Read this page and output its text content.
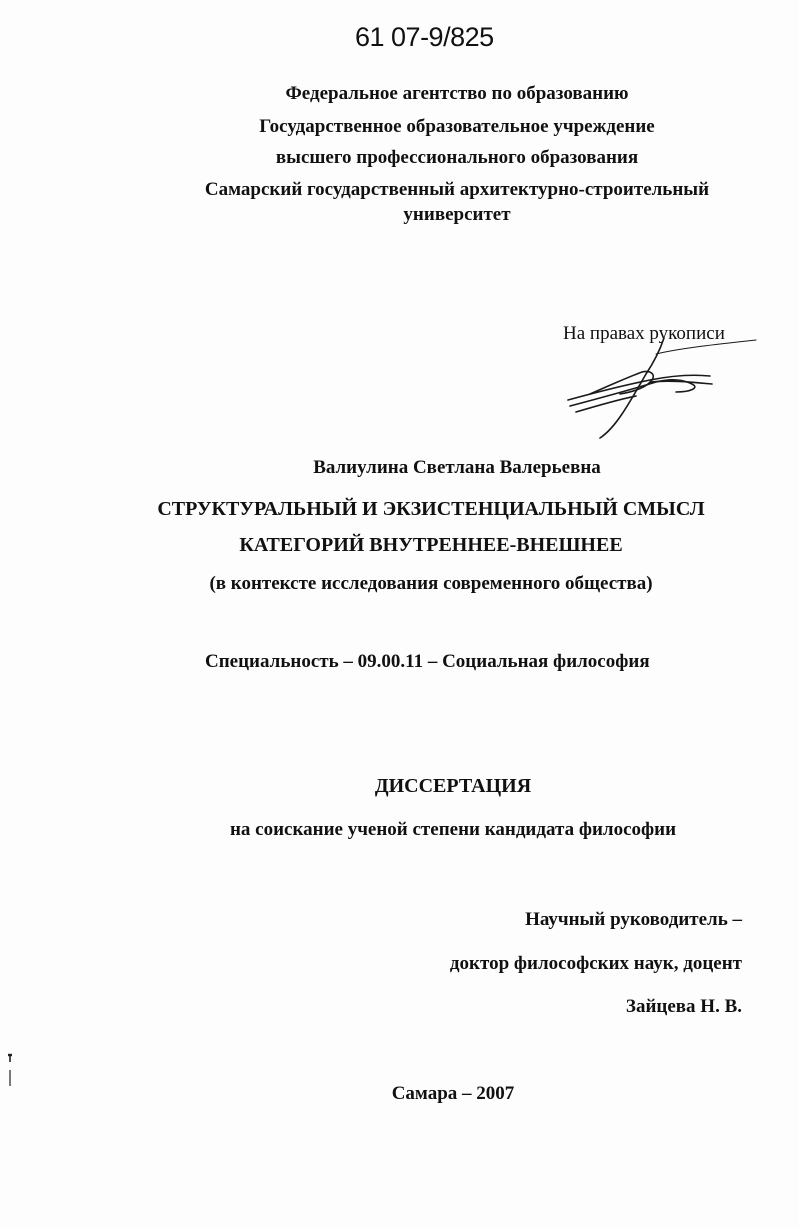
61 07-9/825
Федеральное агентство по образованию
Государственное образовательное учреждение
высшего профессионального образования
Самарский государственный архитектурно-строительный
университет
На правах рукописи
Валиулина Светлана Валерьевна
СТРУКТУРАЛЬНЫЙ И ЭКЗИСТЕНЦИАЛЬНЫЙ СМЫСЛ
КАТЕГОРИЙ ВНУТРЕННЕЕ-ВНЕШНЕЕ
(в контексте исследования современного общества)
Специальность – 09.00.11 – Социальная философия
ДИССЕРТАЦИЯ
на соискание ученой степени кандидата философии
Научный руководитель –
доктор философских наук, доцент
Зайцева Н. В.
Самара – 2007
